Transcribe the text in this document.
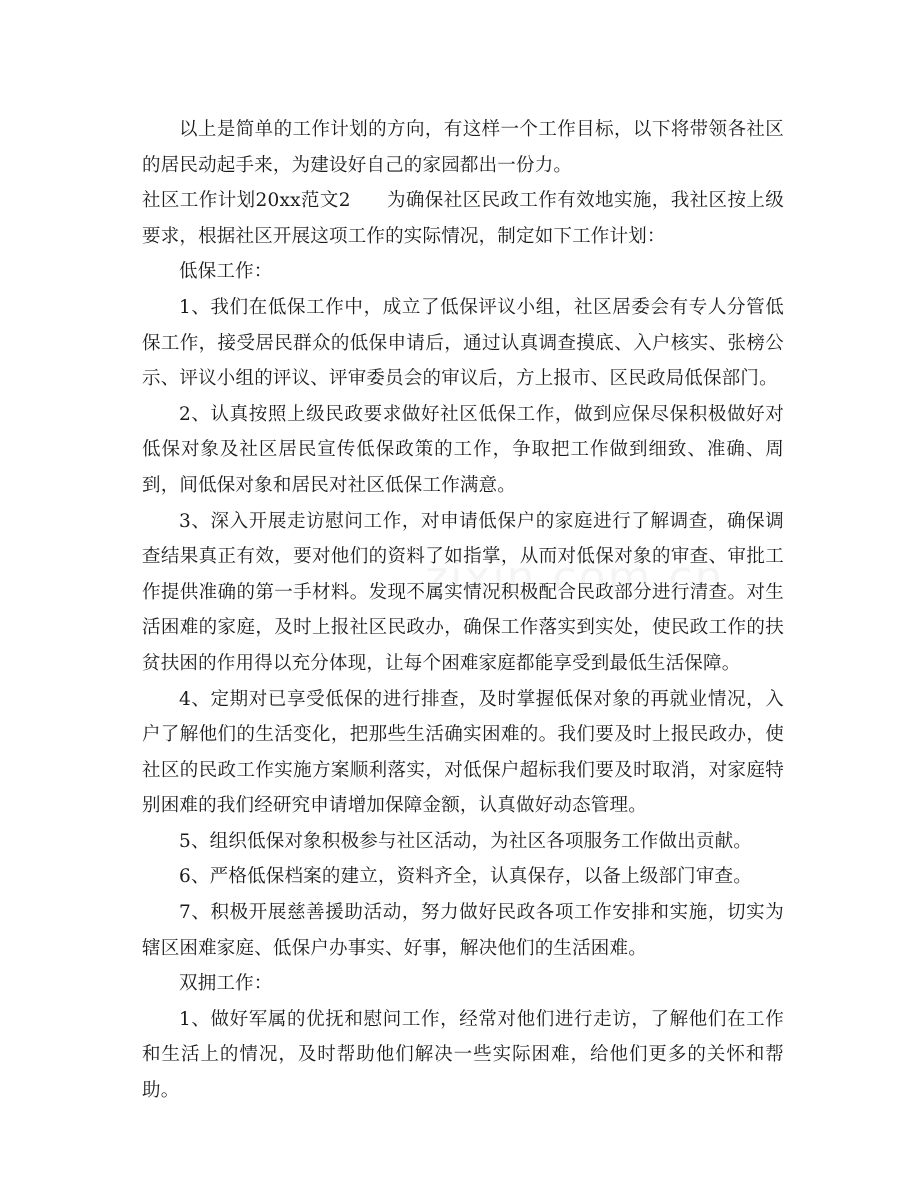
以上是简单的工作计划的方向，有这样一个工作目标，以下将带领各社区的居民动起手来，为建设好自己的家园都出一份力。

社区工作计划20xx范文2 为确保社区民政工作有效地实施，我社区按上级要求，根据社区开展这项工作的实际情况，制定如下工作计划：

低保工作：

1、我们在低保工作中，成立了低保评议小组，社区居委会有专人分管低保工作，接受居民群众的低保申请后，通过认真调查摸底、入户核实、张榜公示、评议小组的评议、评审委员会的审议后，方上报市、区民政局低保部门。

2、认真按照上级民政要求做好社区低保工作，做到应保尽保积极做好对低保对象及社区居民宣传低保政策的工作，争取把工作做到细致、准确、周到，间低保对象和居民对社区低保工作满意。

3、深入开展走访慰问工作，对申请低保户的家庭进行了解调查，确保调查结果真正有效，要对他们的资料了如指掌，从而对低保对象的审查、审批工作提供准确的第一手材料。发现不属实情况积极配合民政部分进行清查。对生活困难的家庭，及时上报社区民政办，确保工作落实到实处，使民政工作的扶贫扶困的作用得以充分体现，让每个困难家庭都能享受到最低生活保障。

4、定期对已享受低保的进行排查，及时掌握低保对象的再就业情况，入户了解他们的生活变化，把那些生活确实困难的。我们要及时上报民政办，使社区的民政工作实施方案顺利落实，对低保户超标我们要及时取消，对家庭特别困难的我们经研究申请增加保障金额，认真做好动态管理。

5、组织低保对象积极参与社区活动，为社区各项服务工作做出贡献。

6、严格低保档案的建立，资料齐全，认真保存，以备上级部门审查。

7、积极开展慈善援助活动，努力做好民政各项工作安排和实施，切实为辖区困难家庭、低保户办事实、好事，解决他们的生活困难。

双拥工作：

1、做好军属的优抚和慰问工作，经常对他们进行走访，了解他们在工作和生活上的情况，及时帮助他们解决一些实际困难，给他们更多的关怀和帮助。
